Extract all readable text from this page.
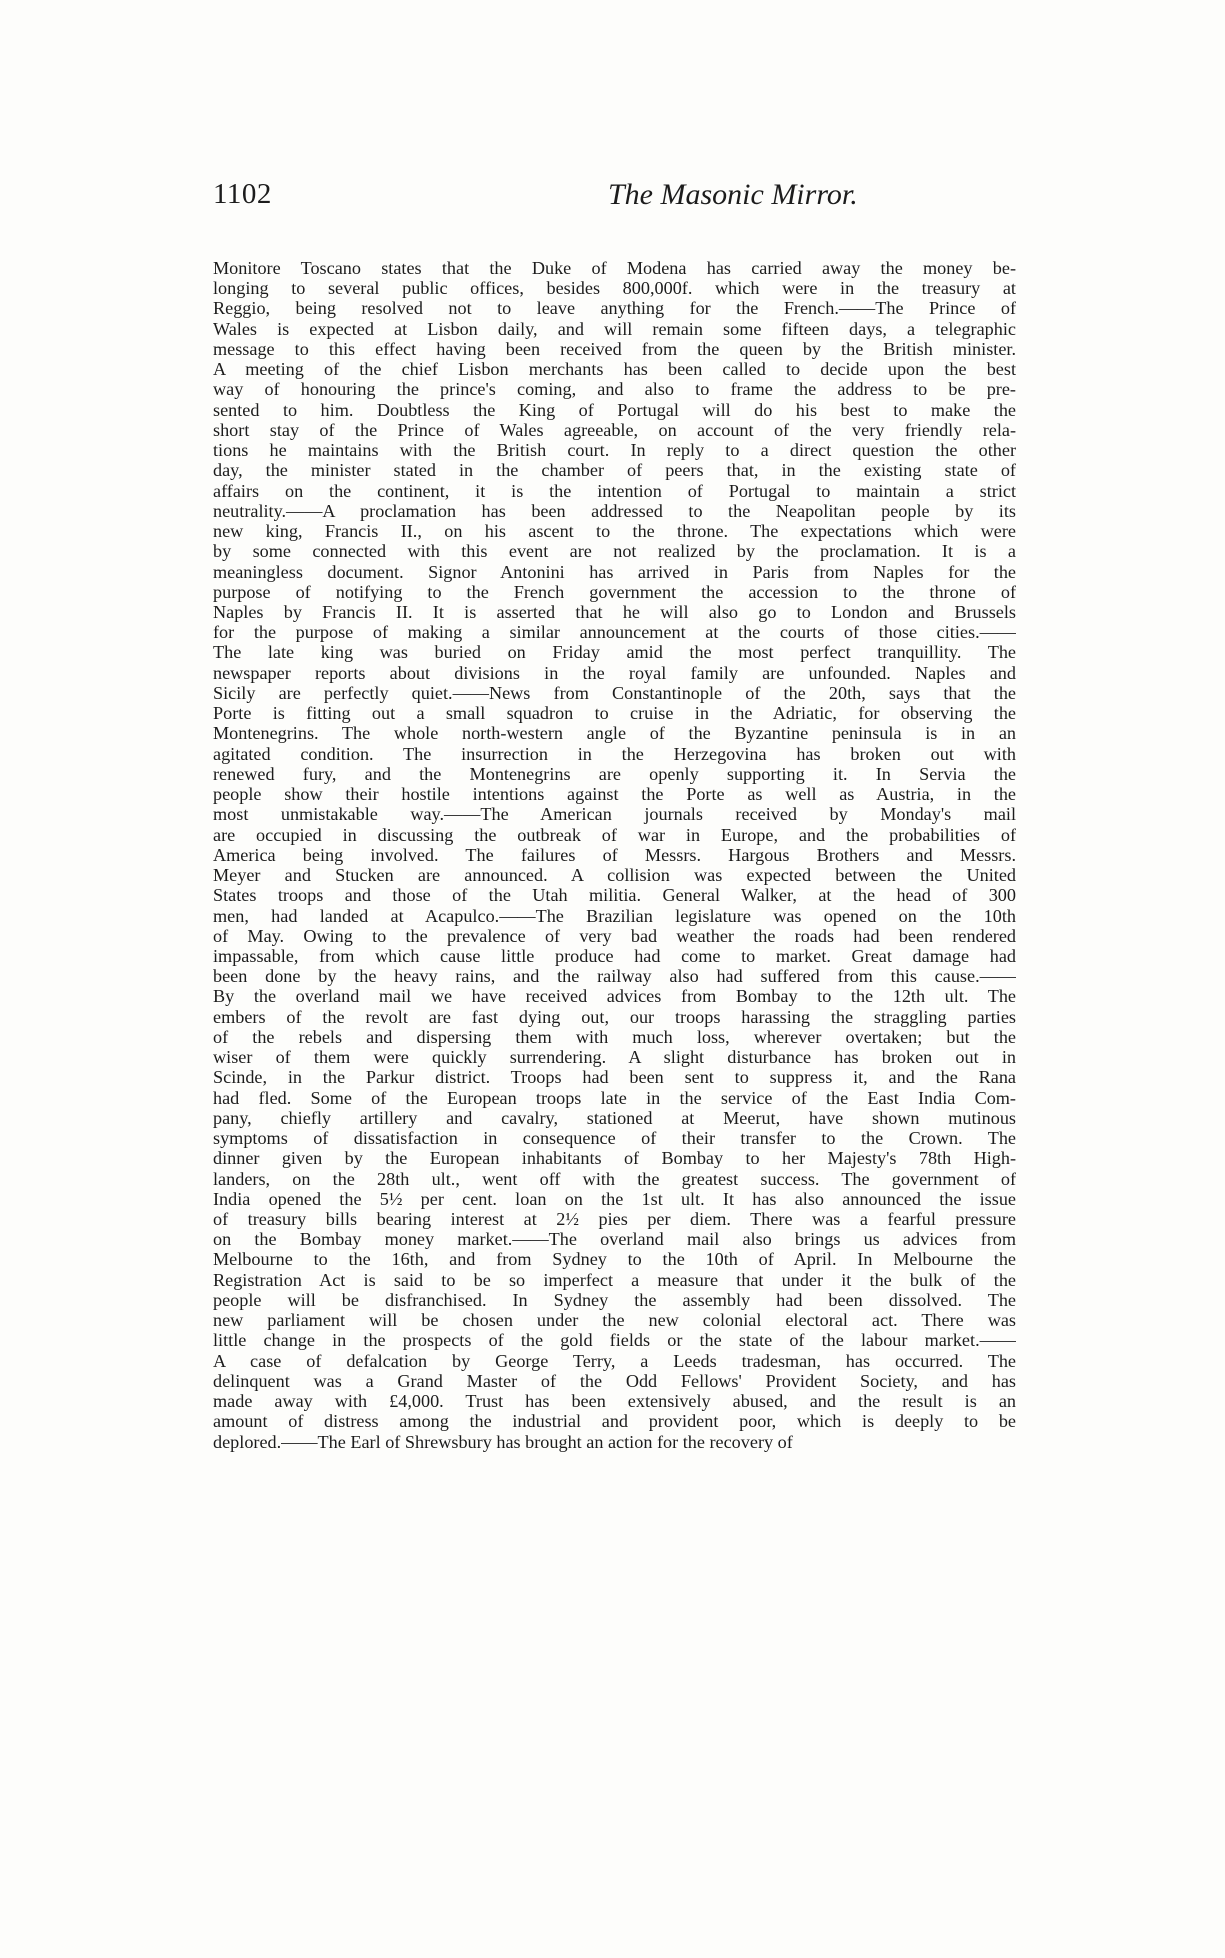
1102	The Masonic Mirror.
Monitore Toscano states that the Duke of Modena has carried away the money be-
longing to several public offices, besides 800,000f. which were in the treasury at
Reggio, being resolved not to leave anything for the French.——The Prince of
Wales is expected at Lisbon daily, and will remain some fifteen days, a telegraphic
message to this effect having been received from the queen by the British minister.
A meeting of the chief Lisbon merchants has been called to decide upon the best
way of honouring the prince's coming, and also to frame the address to be pre-
sented to him. Doubtless the King of Portugal will do his best to make the
short stay of the Prince of Wales agreeable, on account of the very friendly rela-
tions he maintains with the British court. In reply to a direct question the other
day, the minister stated in the chamber of peers that, in the existing state of
affairs on the continent, it is the intention of Portugal to maintain a strict
neutrality.——A proclamation has been addressed to the Neapolitan people by its
new king, Francis II., on his ascent to the throne. The expectations which were
by some connected with this event are not realized by the proclamation. It is a
meaningless document. Signor Antonini has arrived in Paris from Naples for the
purpose of notifying to the French government the accession to the throne of
Naples by Francis II. It is asserted that he will also go to London and Brussels
for the purpose of making a similar announcement at the courts of those cities.——
The late king was buried on Friday amid the most perfect tranquillity. The
newspaper reports about divisions in the royal family are unfounded. Naples and
Sicily are perfectly quiet.——News from Constantinople of the 20th, says that the
Porte is fitting out a small squadron to cruise in the Adriatic, for observing the
Montenegrins. The whole north-western angle of the Byzantine peninsula is in an
agitated condition. The insurrection in the Herzegovina has broken out with
renewed fury, and the Montenegrins are openly supporting it. In Servia the
people show their hostile intentions against the Porte as well as Austria, in the
most unmistakable way.——The American journals received by Monday's mail
are occupied in discussing the outbreak of war in Europe, and the probabilities of
America being involved. The failures of Messrs. Hargous Brothers and Messrs.
Meyer and Stucken are announced. A collision was expected between the United
States troops and those of the Utah militia. General Walker, at the head of 300
men, had landed at Acapulco.——The Brazilian legislature was opened on the 10th
of May. Owing to the prevalence of very bad weather the roads had been rendered
impassable, from which cause little produce had come to market. Great damage had
been done by the heavy rains, and the railway also had suffered from this cause.——
By the overland mail we have received advices from Bombay to the 12th ult. The
embers of the revolt are fast dying out, our troops harassing the straggling parties
of the rebels and dispersing them with much loss, wherever overtaken; but the
wiser of them were quickly surrendering. A slight disturbance has broken out in
Scinde, in the Parkur district. Troops had been sent to suppress it, and the Rana
had fled. Some of the European troops late in the service of the East India Com-
pany, chiefly artillery and cavalry, stationed at Meerut, have shown mutinous
symptoms of dissatisfaction in consequence of their transfer to the Crown. The
dinner given by the European inhabitants of Bombay to her Majesty's 78th High-
landers, on the 28th ult., went off with the greatest success. The government of
India opened the 5½ per cent. loan on the 1st ult. It has also announced the issue
of treasury bills bearing interest at 2½ pies per diem. There was a fearful pressure
on the Bombay money market.——The overland mail also brings us advices from
Melbourne to the 16th, and from Sydney to the 10th of April. In Melbourne the
Registration Act is said to be so imperfect a measure that under it the bulk of the
people will be disfranchised. In Sydney the assembly had been dissolved. The
new parliament will be chosen under the new colonial electoral act. There was
little change in the prospects of the gold fields or the state of the labour market.——
A case of defalcation by George Terry, a Leeds tradesman, has occurred. The
delinquent was a Grand Master of the Odd Fellows' Provident Society, and has
made away with £4,000. Trust has been extensively abused, and the result is an
amount of distress among the industrial and provident poor, which is deeply to be
deplored.——The Earl of Shrewsbury has brought an action for the recovery of
